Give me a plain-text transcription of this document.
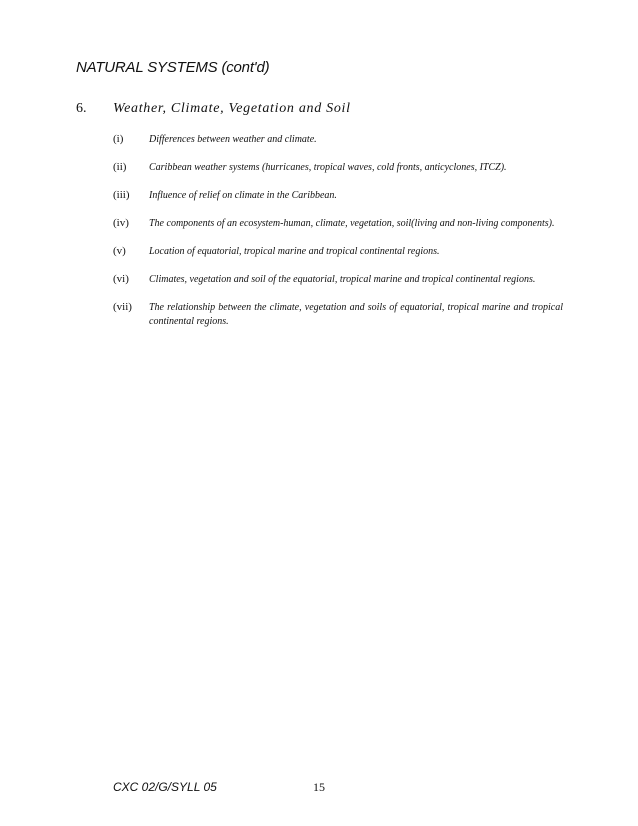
NATURAL SYSTEMS (cont'd)
6. Weather, Climate, Vegetation and Soil
(i)	Differences between weather and climate.
(ii) Caribbean weather systems (hurricanes, tropical waves, cold fronts, anticyclones, ITCZ).
(iii) Influence of relief on climate in the Caribbean.
(iv) The components of an ecosystem-human, climate, vegetation, soil(living and non-living components).
(v) Location of equatorial, tropical marine and tropical continental regions.
(vi) Climates, vegetation and soil of the equatorial, tropical marine and tropical continental regions.
(vii) The relationship between the climate, vegetation and soils of equatorial, tropical marine and tropical continental regions.
CXC 02/G/SYLL 05	15
